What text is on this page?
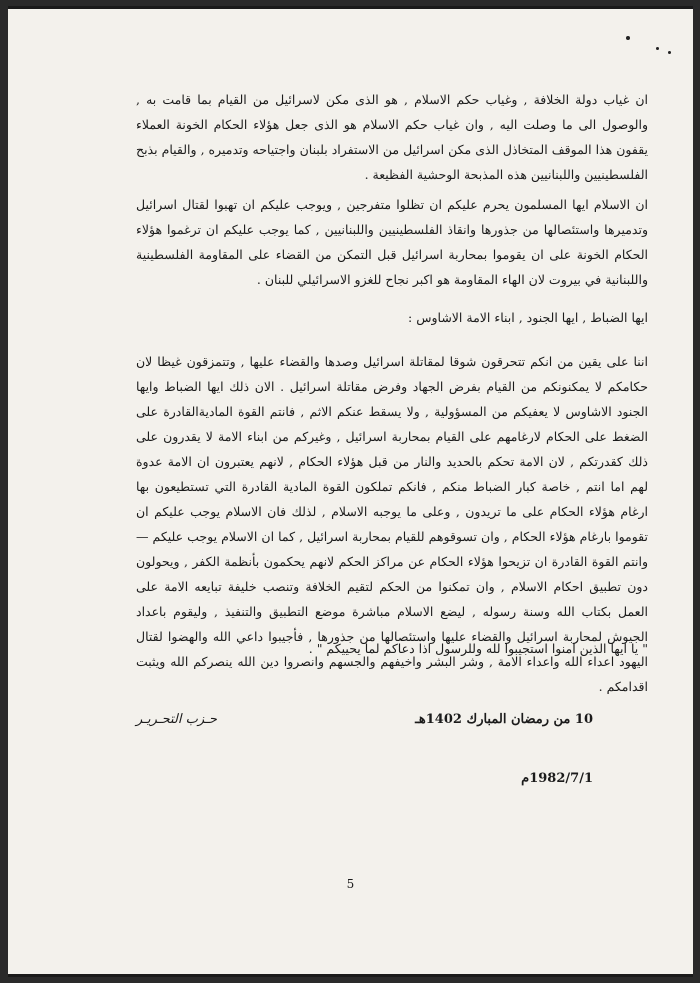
ان غياب دولة الخلافة , وغياب حكم الاسلام , هو الذى مكن لاسرائيل من القيام بما قامت به , والوصول الى ما وصلت اليه , وان غياب حكم الاسلام هو الذى جعل هؤلاء الحكام الخونة العملاء يقفون هذا الموقف المتخاذل الذى مكن اسرائيل من الاستفراد بلبنان واجتياحه وتدميره , والقيام بذبح الفلسطينيين واللبنانيين هذه المذبحة الوحشية الفظيعة .
ان الاسلام ايها المسلمون يحرم عليكم ان تظلوا متفرجين , ويوجب عليكم ان تهبوا لقتال اسرائيل وتدميرها واستئصالها من جذورها وانقاذ الفلسطينيين واللبنانيين , كما يوجب عليكم ان ترغموا هؤلاء الحكام الخونة على ان يقوموا بمحاربة اسرائيل قبل التمكن من القضاء على المقاومة الفلسطينية واللبنانية في بيروت لان الهاء المقاومة هو اكبر نجاح للغزو الاسرائيلي للبنان .
ايها الضباط , ايها الجنود , ابناء الامة الاشاوس :
اننا على يقين من انكم تتحرقون شوقا لمقاتلة اسرائيل وصدها والقضاء عليها , وتتمزقون غيظا لان حكامكم لا يمكنونكم من القيام بفرض الجهاد وفرض مقاتلة اسرائيل . الان ذلك ايها الضباط وايها الجنود الاشاوس لا يعفيكم من المسؤولية , ولا يسقط عنكم الاثم , فانتم القوة الماديةالقادرة على الضغط على الحكام لارغامهم على القيام بمحاربة اسرائيل , وغيركم من ابناء الامة لا يقدرون على ذلك كقدرتكم , لان الامة تحكم بالحديد والنار من قبل هؤلاء الحكام , لانهم يعتبرون ان الامة عدوة لهم اما انتم , خاصة كبار الضباط منكم , فانكم تملكون القوة المادية القادرة التي تستطيعون بها ارغام هؤلاء الحكام على ما تريدون , وعلى ما يوجبه الاسلام , لذلك فان الاسلام يوجب عليكم ان تقوموا بارغام هؤلاء الحكام , وان تسوقوهم للقيام بمحاربة اسرائيل , كما ان الاسلام يوجب عليكم — وانتم القوة القادرة ان تزيحوا هؤلاء الحكام عن مراكز الحكم لانهم يحكمون بأنظمة الكفر , ويحولون دون تطبيق احكام الاسلام , وان تمكنوا من الحكم لتقيم الخلافة وتنصب خليفة تبايعه الامة على العمل بكتاب الله وسنة رسوله , ليضع الاسلام مباشرة موضع التطبيق والتنفيذ , وليقوم باعداد الجيوش لمحاربة اسرائيل والقضاء عليها واستئصالها من جذورها , فأجيبوا داعي الله والهضوا لقتال اليهود اعداء الله واعداء الامة , وشر البشر واخيفهم والجسهم وانصروا دين الله ينصركم الله ويثبت اقدامكم .
" يا ايها الذين امنوا استجيبوا لله وللرسول اذا دعاكم لما يحييكم " .
10 من رمضان المبارك 1402هـ
حـزب التحـريـر
1982/7/1م
5
